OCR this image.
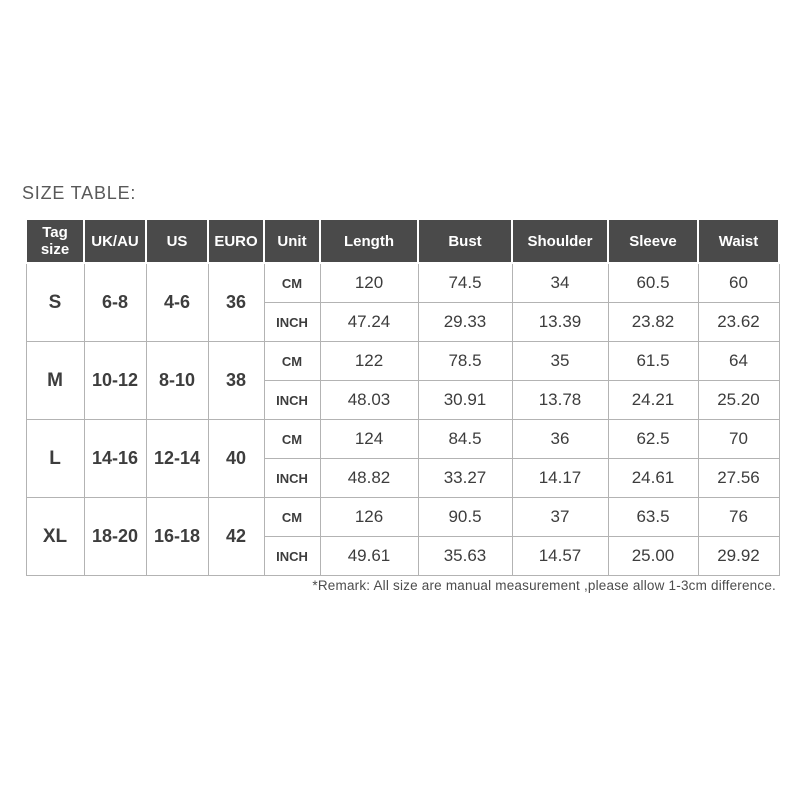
SIZE TABLE:
Tag size	UK/AU	US	EURO	Unit	Length	Bust	Shoulder	Sleeve	Waist
S	6-8	4-6	36	CM	120	74.5	34	60.5	60
				INCH	47.24	29.33	13.39	23.82	23.62
M	10-12	8-10	38	CM	122	78.5	35	61.5	64
				INCH	48.03	30.91	13.78	24.21	25.20
L	14-16	12-14	40	CM	124	84.5	36	62.5	70
				INCH	48.82	33.27	14.17	24.61	27.56
XL	18-20	16-18	42	CM	126	90.5	37	63.5	76
				INCH	49.61	35.63	14.57	25.00	29.92
*Remark: All size are manual measurement ,please allow 1-3cm difference.
